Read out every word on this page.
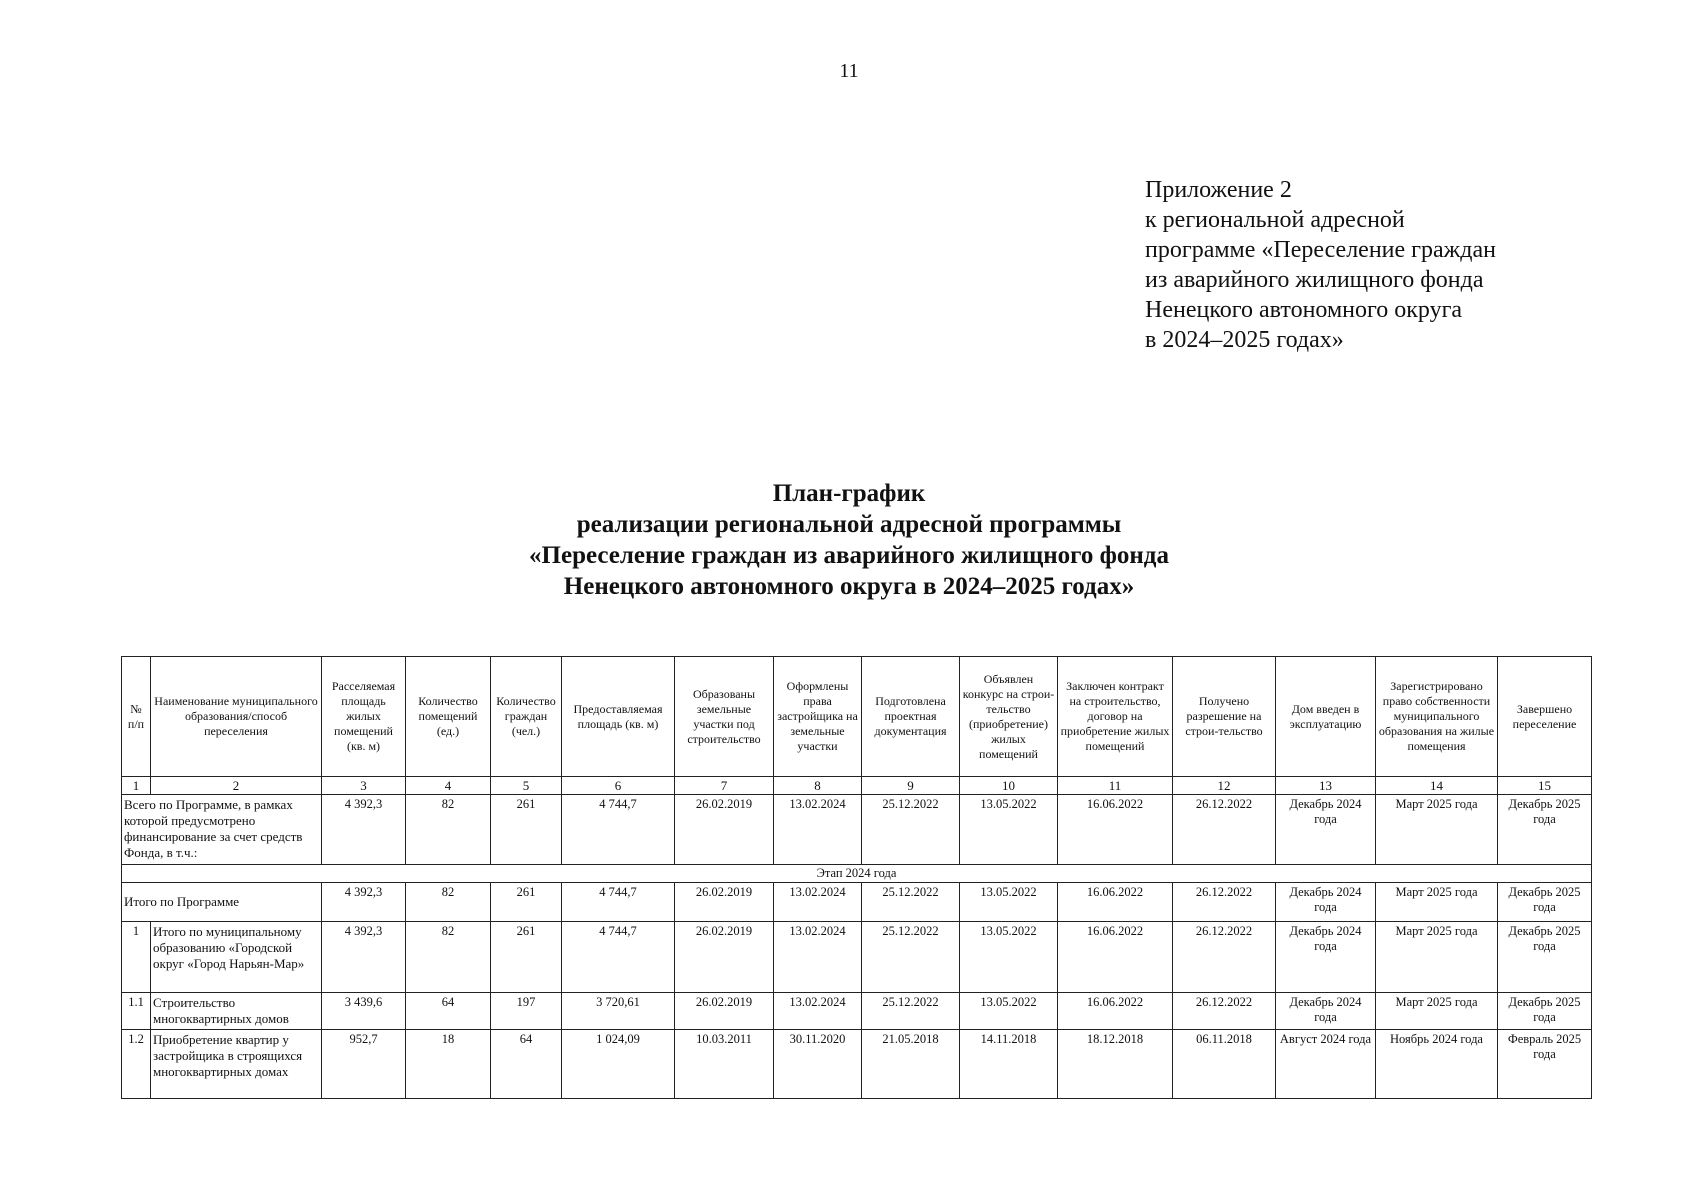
11
Приложение 2
к региональной адресной
программе «Переселение граждан
из аварийного жилищного фонда
Ненецкого автономного округа
в 2024–2025 годах»
План-график
реализации региональной адресной программы
«Переселение граждан из аварийного жилищного фонда
Ненецкого автономного округа в 2024–2025 годах»
№ п/п	Наименование муниципального образования/способ переселения	Расселяемая площадь жилых помещений (кв. м)	Количество помещений (ед.)	Количество граждан (чел.)	Предоставляемая площадь (кв. м)	Образованы земельные участки под строительство	Оформлены права застройщика на земельные участки	Подготовлена проектная документация	Объявлен конкурс на строи-тельство (приобретение) жилых помещений	Заключен контракт на строительство, договор на приобретение жилых помещений	Получено разрешение на строи-тельство	Дом введен в эксплуатацию	Зарегистрировано право собственности муниципального образования на жилые помещения	Завершено переселение
1	2	3	4	5	6	7	8	9	10	11	12	13	14	15
Всего по Программе, в рамках которой предусмотрено финансирование за счет средств Фонда, в т.ч.:		4 392,3	82	261	4 744,7	26.02.2019	13.02.2024	25.12.2022	13.05.2022	16.06.2022	26.12.2022	Декабрь 2024 года	Март 2025 года	Декабрь 2025 года
Этап 2024 года														
Итого по Программе		4 392,3	82	261	4 744,7	26.02.2019	13.02.2024	25.12.2022	13.05.2022	16.06.2022	26.12.2022	Декабрь 2024 года	Март 2025 года	Декабрь 2025 года
1	Итого по муниципальному образованию «Городской округ «Город Нарьян-Мар»	4 392,3	82	261	4 744,7	26.02.2019	13.02.2024	25.12.2022	13.05.2022	16.06.2022	26.12.2022	Декабрь 2024 года	Март 2025 года	Декабрь 2025 года
1.1	Строительство многоквартирных домов	3 439,6	64	197	3 720,61	26.02.2019	13.02.2024	25.12.2022	13.05.2022	16.06.2022	26.12.2022	Декабрь 2024 года	Март 2025 года	Декабрь 2025 года
1.2	Приобретение квартир у застройщика в строящихся многоквартирных домах	952,7	18	64	1 024,09	10.03.2011	30.11.2020	21.05.2018	14.11.2018	18.12.2018	06.11.2018	Август 2024 года	Ноябрь 2024 года	Февраль 2025 года
